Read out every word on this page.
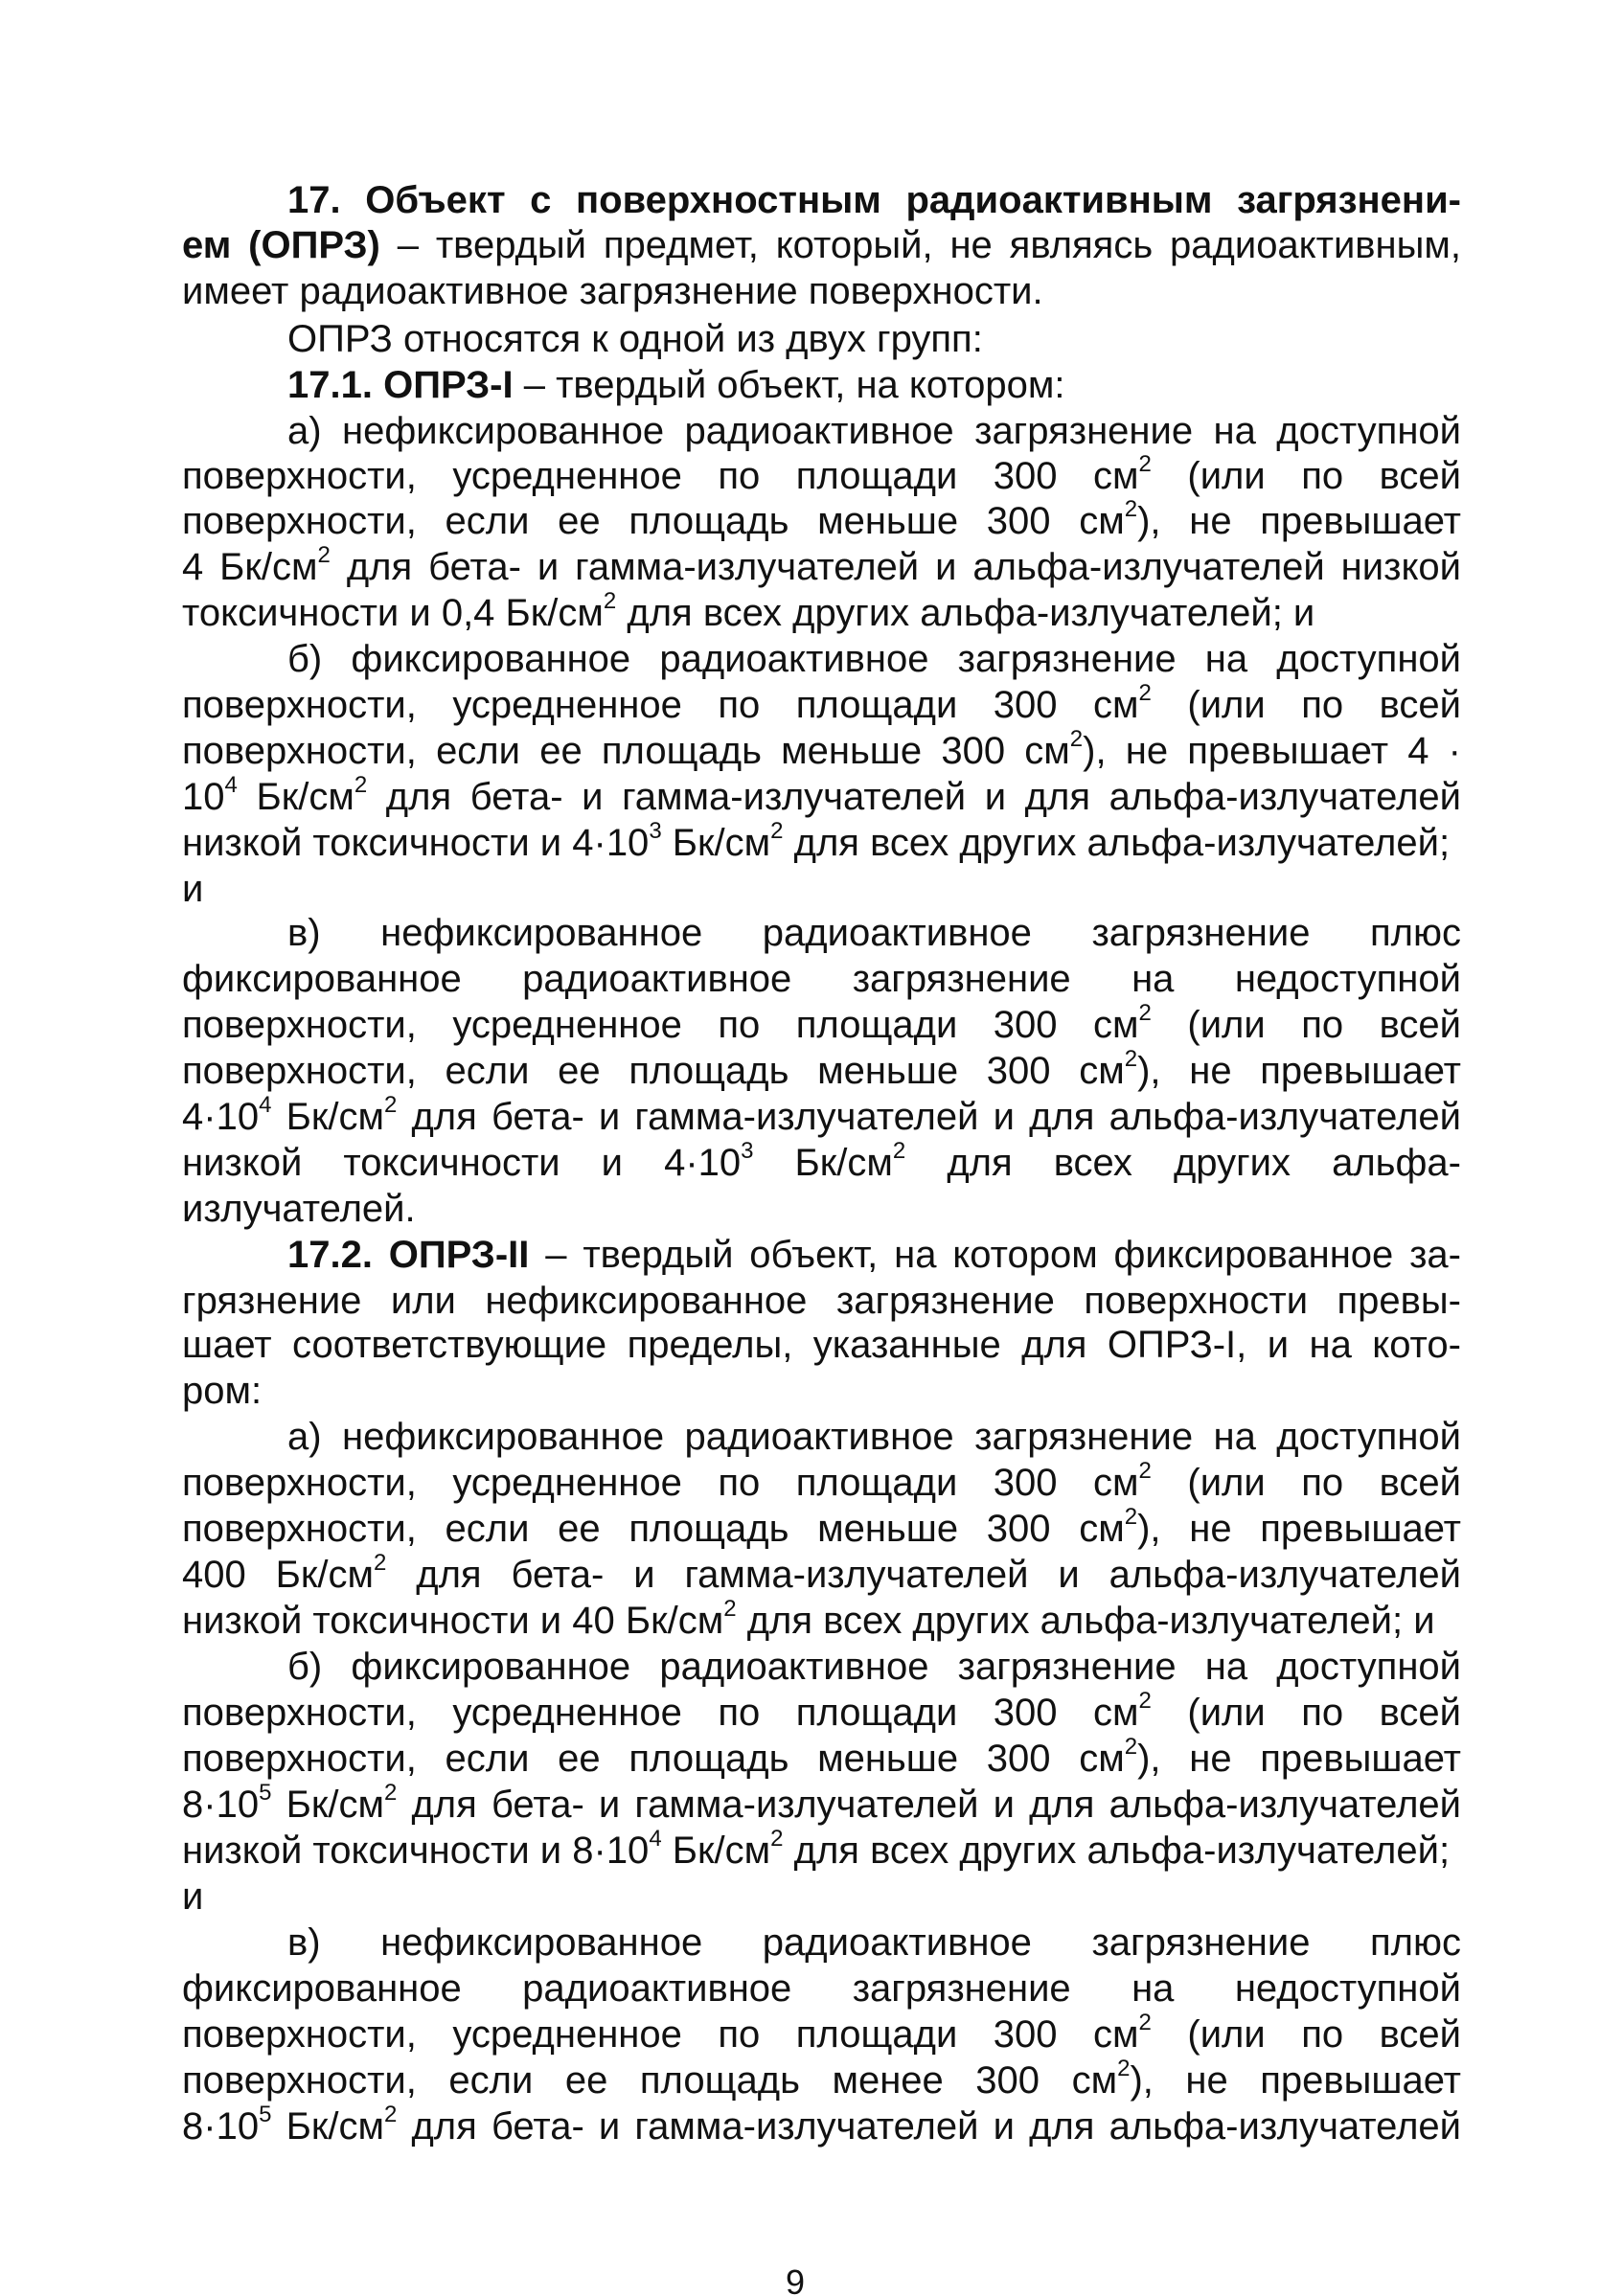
17. Объект с поверхностным радиоактивным загрязнени-
ем (ОПРЗ) – твердый предмет, который, не являясь радиоактивным,
имеет радиоактивное загрязнение поверхности.
ОПРЗ относятся к одной из двух групп:
17.1. ОПРЗ-I – твердый объект, на котором:
а) нефиксированное радиоактивное загрязнение на доступной
поверхности, усредненное по площади 300 $см^2$ (или по всей
поверхности, если ее площадь меньше 300 $см^2$), не превышает
4 $Бк/см^2$ для бета- и гамма-излучателей и альфа-излучателей низкой
токсичности и 0,4 $Бк/см^2$ для всех других альфа-излучателей; и
б) фиксированное радиоактивное загрязнение на доступной
поверхности, усредненное по площади 300 $см^2$ (или по всей
поверхности, если ее площадь меньше 300 $см^2$), не превышает 4 ·
$10^4$ $Бк/см^2$ для бета- и гамма-излучателей и для альфа-излучателей
низкой токсичности и $4\cdot 10^3$ $Бк/см^2$ для всех других альфа-излучателей;
и
в) нефиксированное радиоактивное загрязнение плюс
фиксированное радиоактивное загрязнение на недоступной
поверхности, усредненное по площади 300 $см^2$ (или по всей
поверхности, если ее площадь меньше 300 $см^2$), не превышает
$4\cdot 10^4$ $Бк/см^2$ для бета- и гамма-излучателей и для альфа-излучателей
низкой токсичности и $4\cdot 10^3$ $Бк/см^2$ для всех других альфа-
излучателей.
17.2. ОПРЗ-II – твердый объект, на котором фиксированное за-
грязнение или нефиксированное загрязнение поверхности превы-
шает соответствующие пределы, указанные для ОПРЗ-I, и на кото-
ром:
а) нефиксированное радиоактивное загрязнение на доступной
поверхности, усредненное по площади 300 $см^2$ (или по всей
поверхности, если ее площадь меньше 300 $см^2$), не превышает
400 $Бк/см^2$ для бета- и гамма-излучателей и альфа-излучателей
низкой токсичности и 40 $Бк/см^2$ для всех других альфа-излучателей; и
б) фиксированное радиоактивное загрязнение на доступной
поверхности, усредненное по площади 300 $см^2$ (или по всей
поверхности, если ее площадь меньше 300 $см^2$), не превышает
$8\cdot 10^5$ $Бк/см^2$ для бета- и гамма-излучателей и для альфа-излучателей
низкой токсичности и $8\cdot 10^4$ $Бк/см^2$ для всех других альфа-излучателей;
и
в) нефиксированное радиоактивное загрязнение плюс
фиксированное радиоактивное загрязнение на недоступной
поверхности, усредненное по площади 300 $см^2$ (или по всей
поверхности, если ее площадь менее 300 $см^2$), не превышает
$8\cdot 10^5$ $Бк/см^2$ для бета- и гамма-излучателей и для альфа-излучателей
9
